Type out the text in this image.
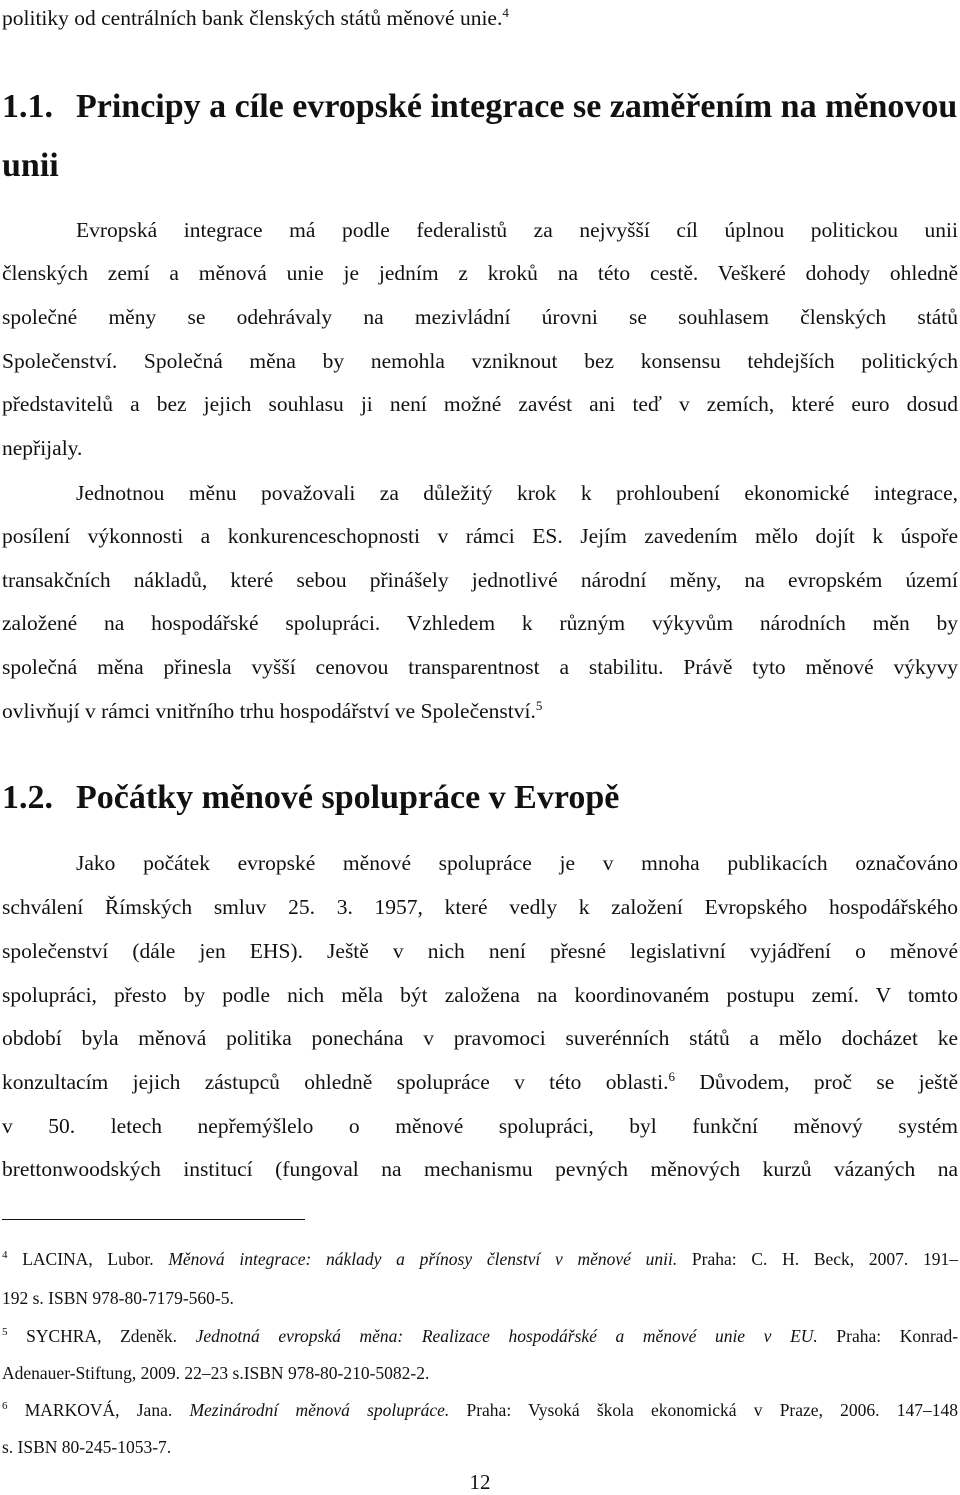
politiky od centrálních bank členských států měnové unie.$^4$
1.1. Principy a cíle evropské integrace se zaměřením na měnovou
unii
Evropská integrace má podle federalistů za nejvyšší cíl úplnou politickou unii
členských zemí a měnová unie je jedním z kroků na této cestě. Veškeré dohody ohledně
společné měny se odehrávaly na mezivládní úrovni se souhlasem členských států
Společenství. Společná měna by nemohla vzniknout bez konsensu tehdejších politických
představitelů a bez jejich souhlasu ji není možné zavést ani teď v zemích, které euro dosud
nepřijaly.
Jednotnou měnu považovali za důležitý krok k prohloubení ekonomické integrace,
posílení výkonnosti a konkurenceschopnosti v rámci ES. Jejím zavedením mělo dojít k úspoře
transakčních nákladů, které sebou přinášely jednotlivé národní měny, na evropském území
založené na hospodářské spolupráci. Vzhledem k různým výkyvům národních měn by
společná měna přinesla vyšší cenovou transparentnost a stabilitu. Právě tyto měnové výkyvy
ovlivňují v rámci vnitřního trhu hospodářství ve Společenství.$^5$
1.2. Počátky měnové spolupráce v Evropě
Jako počátek evropské měnové spolupráce je v mnoha publikacích označováno
schválení Římských smluv 25. 3. 1957, které vedly k založení Evropského hospodářského
společenství (dále jen EHS). Ještě v nich není přesné legislativní vyjádření o měnové
spolupráci, přesto by podle nich měla být založena na koordinovaném postupu zemí. V tomto
období byla měnová politika ponechána v pravomoci suverénních států a mělo docházet ke
konzultacím jejich zástupců ohledně spolupráce v této oblasti.$^6$ Důvodem, proč se ještě
v 50. letech nepřemýšlelo o měnové spolupráci, byl funkční měnový systém
brettonwoodských institucí (fungoval na mechanismu pevných měnových kurzů vázaných na
$^4$ LACINA, Lubor. Měnová integrace: náklady a přínosy členství v měnové unii. Praha: C. H. Beck, 2007. 191–
192 s. ISBN 978-80-7179-560-5.
$^5$ SYCHRA, Zdeněk. Jednotná evropská měna: Realizace hospodářské a měnové unie v EU. Praha: Konrad-
Adenauer-Stiftung, 2009. 22–23 s.ISBN 978-80-210-5082-2.
$^6$ MARKOVÁ, Jana. Mezinárodní měnová spolupráce. Praha: Vysoká škola ekonomická v Praze, 2006. 147–148
s. ISBN 80-245-1053-7.
12
